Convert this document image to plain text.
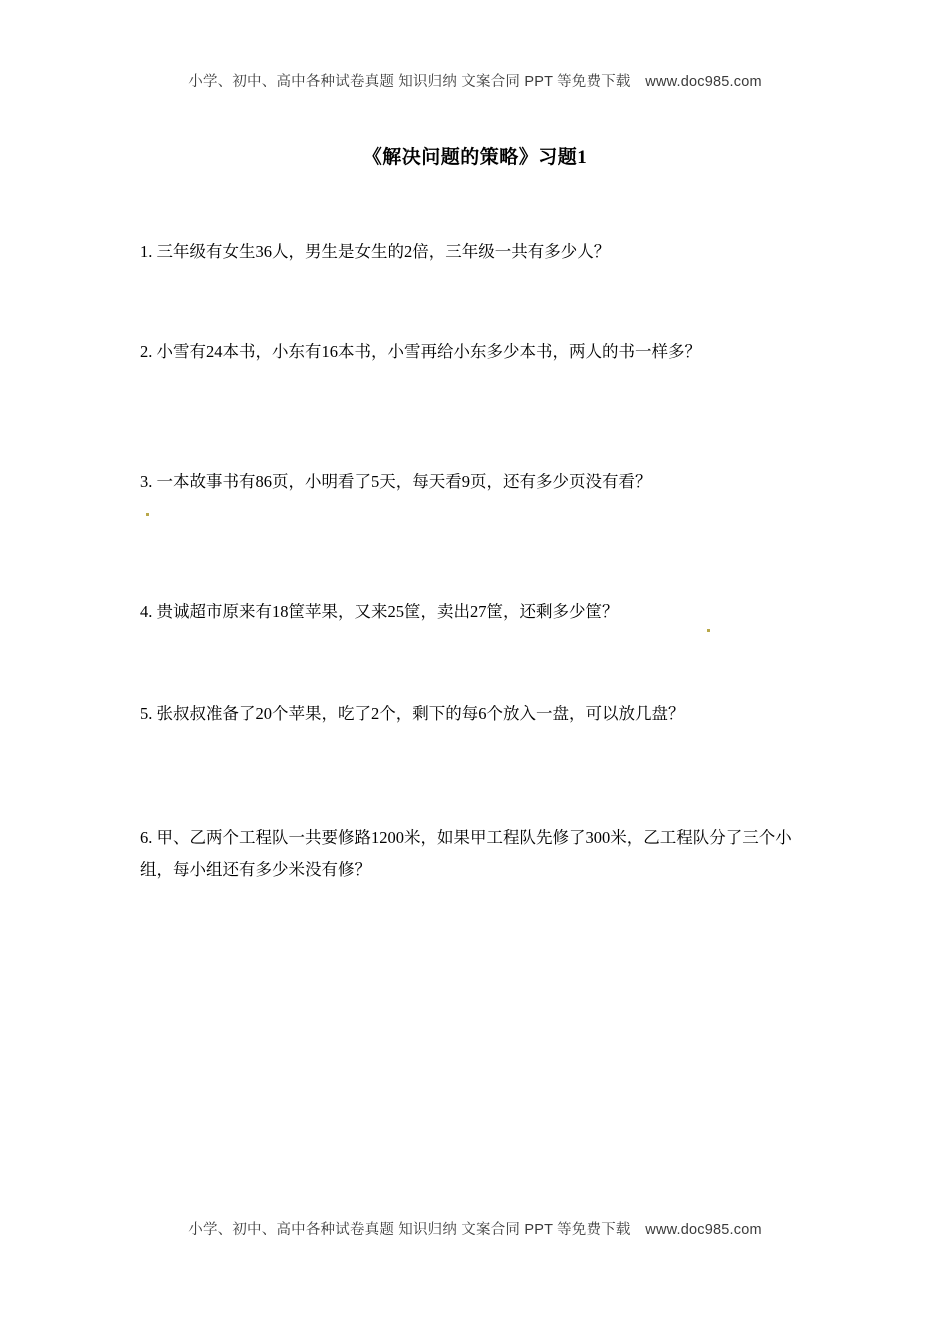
小学、初中、高中各种试卷真题 知识归纳 文案合同 PPT 等免费下载　www.doc985.com
《解决问题的策略》习题1
1. 三年级有女生36人，男生是女生的2倍，三年级一共有多少人？
2. 小雪有24本书，小东有16本书，小雪再给小东多少本书，两人的书一样多？
3. 一本故事书有86页，小明看了5天，每天看9页，还有多少页没有看？
4. 贵诚超市原来有18筐苹果，又来25筐，卖出27筐，还剩多少筐？
5. 张叔叔准备了20个苹果，吃了2个，剩下的每6个放入一盘，可以放几盘？
6. 甲、乙两个工程队一共要修路1200米，如果甲工程队先修了300米，乙工程队分了三个小组，每小组还有多少米没有修？
小学、初中、高中各种试卷真题 知识归纳 文案合同 PPT 等免费下载　www.doc985.com
